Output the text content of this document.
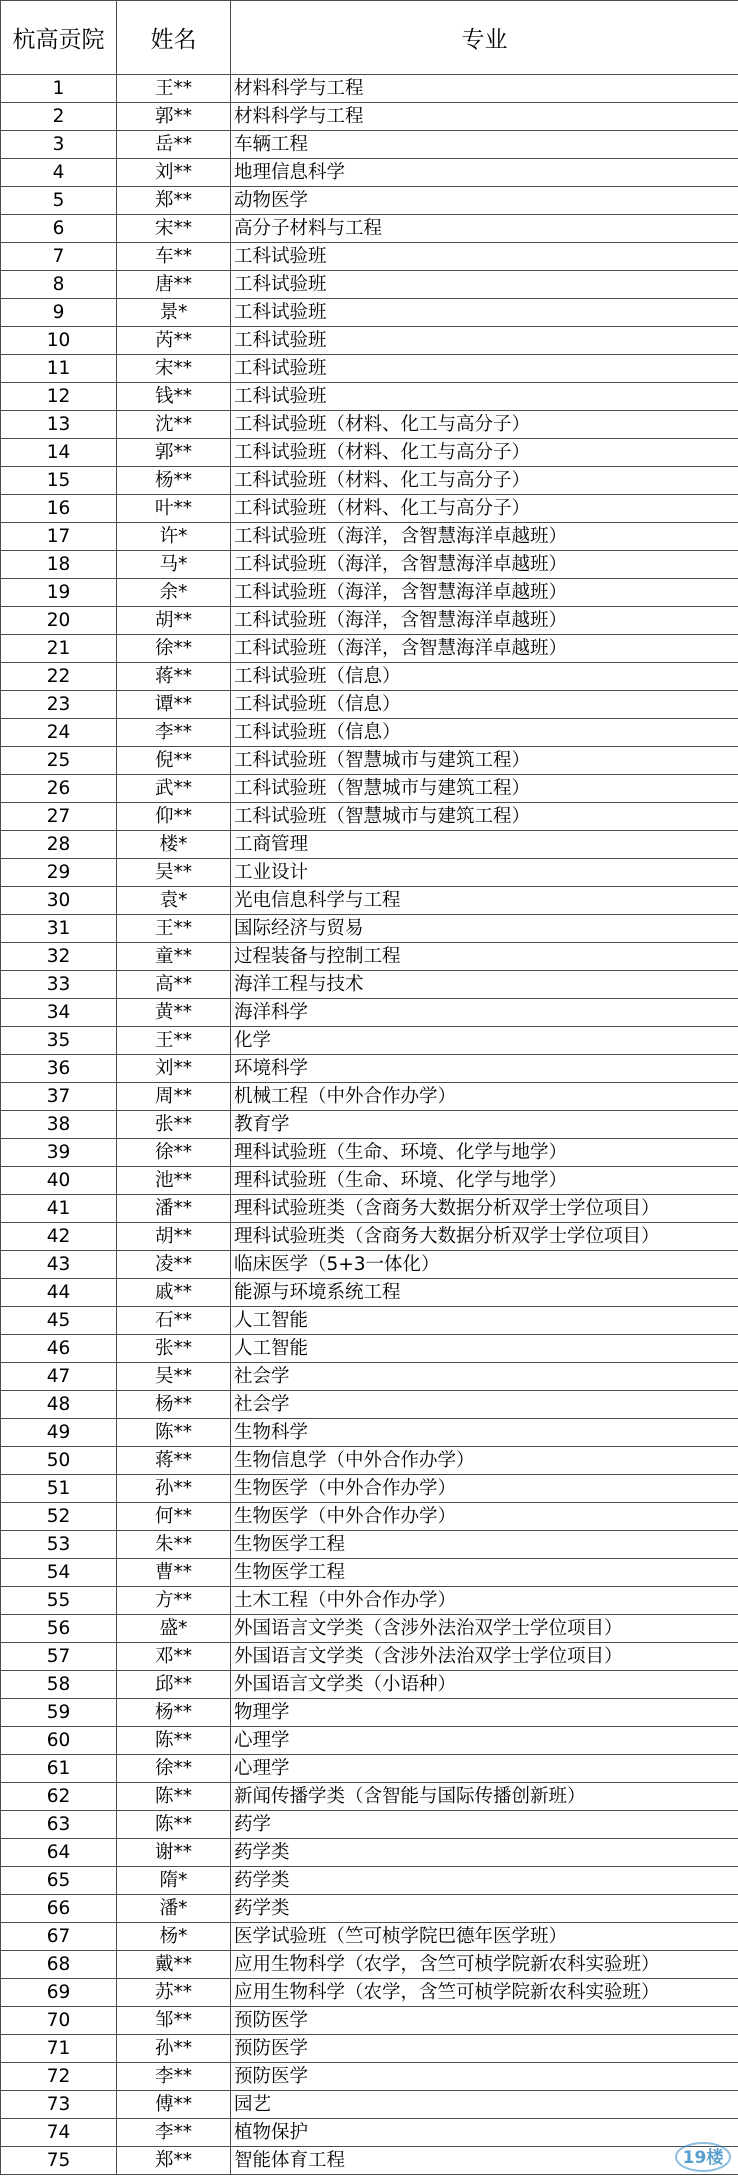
杭高贡院	姓名	专业
1	王**	材料科学与工程
2	郭**	材料科学与工程
3	岳**	车辆工程
4	刘**	地理信息科学
5	郑**	动物医学
6	宋**	高分子材料与工程
7	车**	工科试验班
8	唐**	工科试验班
9	景*	工科试验班
10	芮**	工科试验班
11	宋**	工科试验班
12	钱**	工科试验班
13	沈**	工科试验班（材料、化工与高分子）
14	郭**	工科试验班（材料、化工与高分子）
15	杨**	工科试验班（材料、化工与高分子）
16	叶**	工科试验班（材料、化工与高分子）
17	许*	工科试验班（海洋，含智慧海洋卓越班）
18	马*	工科试验班（海洋，含智慧海洋卓越班）
19	余*	工科试验班（海洋，含智慧海洋卓越班）
20	胡**	工科试验班（海洋，含智慧海洋卓越班）
21	徐**	工科试验班（海洋，含智慧海洋卓越班）
22	蒋**	工科试验班（信息）
23	谭**	工科试验班（信息）
24	李**	工科试验班（信息）
25	倪**	工科试验班（智慧城市与建筑工程）
26	武**	工科试验班（智慧城市与建筑工程）
27	仰**	工科试验班（智慧城市与建筑工程）
28	楼*	工商管理
29	吴**	工业设计
30	袁*	光电信息科学与工程
31	王**	国际经济与贸易
32	童**	过程装备与控制工程
33	高**	海洋工程与技术
34	黄**	海洋科学
35	王**	化学
36	刘**	环境科学
37	周**	机械工程（中外合作办学）
38	张**	教育学
39	徐**	理科试验班（生命、环境、化学与地学）
40	池**	理科试验班（生命、环境、化学与地学）
41	潘**	理科试验班类（含商务大数据分析双学士学位项目）
42	胡**	理科试验班类（含商务大数据分析双学士学位项目）
43	凌**	临床医学（5+3一体化）
44	戚**	能源与环境系统工程
45	石**	人工智能
46	张**	人工智能
47	吴**	社会学
48	杨**	社会学
49	陈**	生物科学
50	蒋**	生物信息学（中外合作办学）
51	孙**	生物医学（中外合作办学）
52	何**	生物医学（中外合作办学）
53	朱**	生物医学工程
54	曹**	生物医学工程
55	方**	土木工程（中外合作办学）
56	盛*	外国语言文学类（含涉外法治双学士学位项目）
57	邓**	外国语言文学类（含涉外法治双学士学位项目）
58	邱**	外国语言文学类（小语种）
59	杨**	物理学
60	陈**	心理学
61	徐**	心理学
62	陈**	新闻传播学类（含智能与国际传播创新班）
63	陈**	药学
64	谢**	药学类
65	隋*	药学类
66	潘*	药学类
67	杨*	医学试验班（竺可桢学院巴德年医学班）
68	戴**	应用生物科学（农学，含竺可桢学院新农科实验班）
69	苏**	应用生物科学（农学，含竺可桢学院新农科实验班）
70	邹**	预防医学
71	孙**	预防医学
72	李**	预防医学
73	傅**	园艺
74	李**	植物保护
75	郑**	智能体育工程	19楼
